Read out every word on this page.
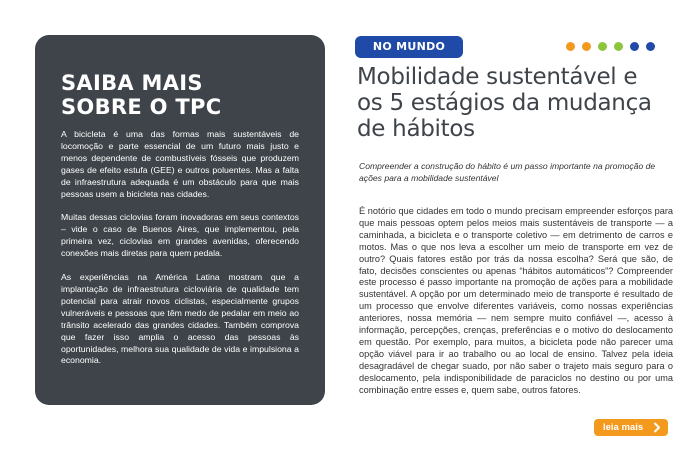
SAIBA MAIS
SOBRE O TPC

A bicicleta é uma das formas mais sustentáveis de locomoção e parte essencial de um futuro mais justo e menos dependente de combustíveis fósseis que produzem gases de efeito estufa (GEE) e outros poluentes. Mas a falta de infraestrutura adequada é um obstáculo para que mais pessoas usem a bicicleta nas cidades.

Muitas dessas ciclovias foram inovadoras em seus contextos – vide o caso de Buenos Aires, que implementou, pela primeira vez, ciclovias em grandes avenidas, oferecendo conexões mais diretas para quem pedala.

As experiências na América Latina mostram que a implantação de infraestrutura cicloviária de qualidade tem potencial para atrair novos ciclistas, especialmente grupos vulneráveis e pessoas que têm medo de pedalar em meio ao trânsito acelerado das grandes cidades. Também comprova que fazer isso amplia o acesso das pessoas às oportunidades, melhora sua qualidade de vida e impulsiona a economia.

NO MUNDO
Mobilidade sustentável e os 5 estágios da mudança de hábitos

Compreender a construção do hábito é um passo importante na promoção de ações para a mobilidade sustentável

É notório que cidades em todo o mundo precisam empreender esforços para que mais pessoas optem pelos meios mais sustentáveis de transporte — a caminhada, a bicicleta e o transporte coletivo — em detrimento de carros e motos. Mas o que nos leva a escolher um meio de transporte em vez de outro? Quais fatores estão por trás da nossa escolha? Será que são, de fato, decisões conscientes ou apenas “hábitos automáticos”? Compreender este processo é passo importante na promoção de ações para a mobilidade sustentável. A opção por um determinado meio de transporte é resultado de um processo que envolve diferentes variáveis, como nossas experiências anteriores, nossa memória — nem sempre muito confiável —, acesso à informação, percepções, crenças, preferências e o motivo do deslocamento em questão. Por exemplo, para muitos, a bicicleta pode não parecer uma opção viável para ir ao trabalho ou ao local de ensino. Talvez pela ideia desagradável de chegar suado, por não saber o trajeto mais seguro para o deslocamento, pela indisponibilidade de paraciclos no destino ou por uma combinação entre esses e, quem sabe, outros fatores.

leia mais
